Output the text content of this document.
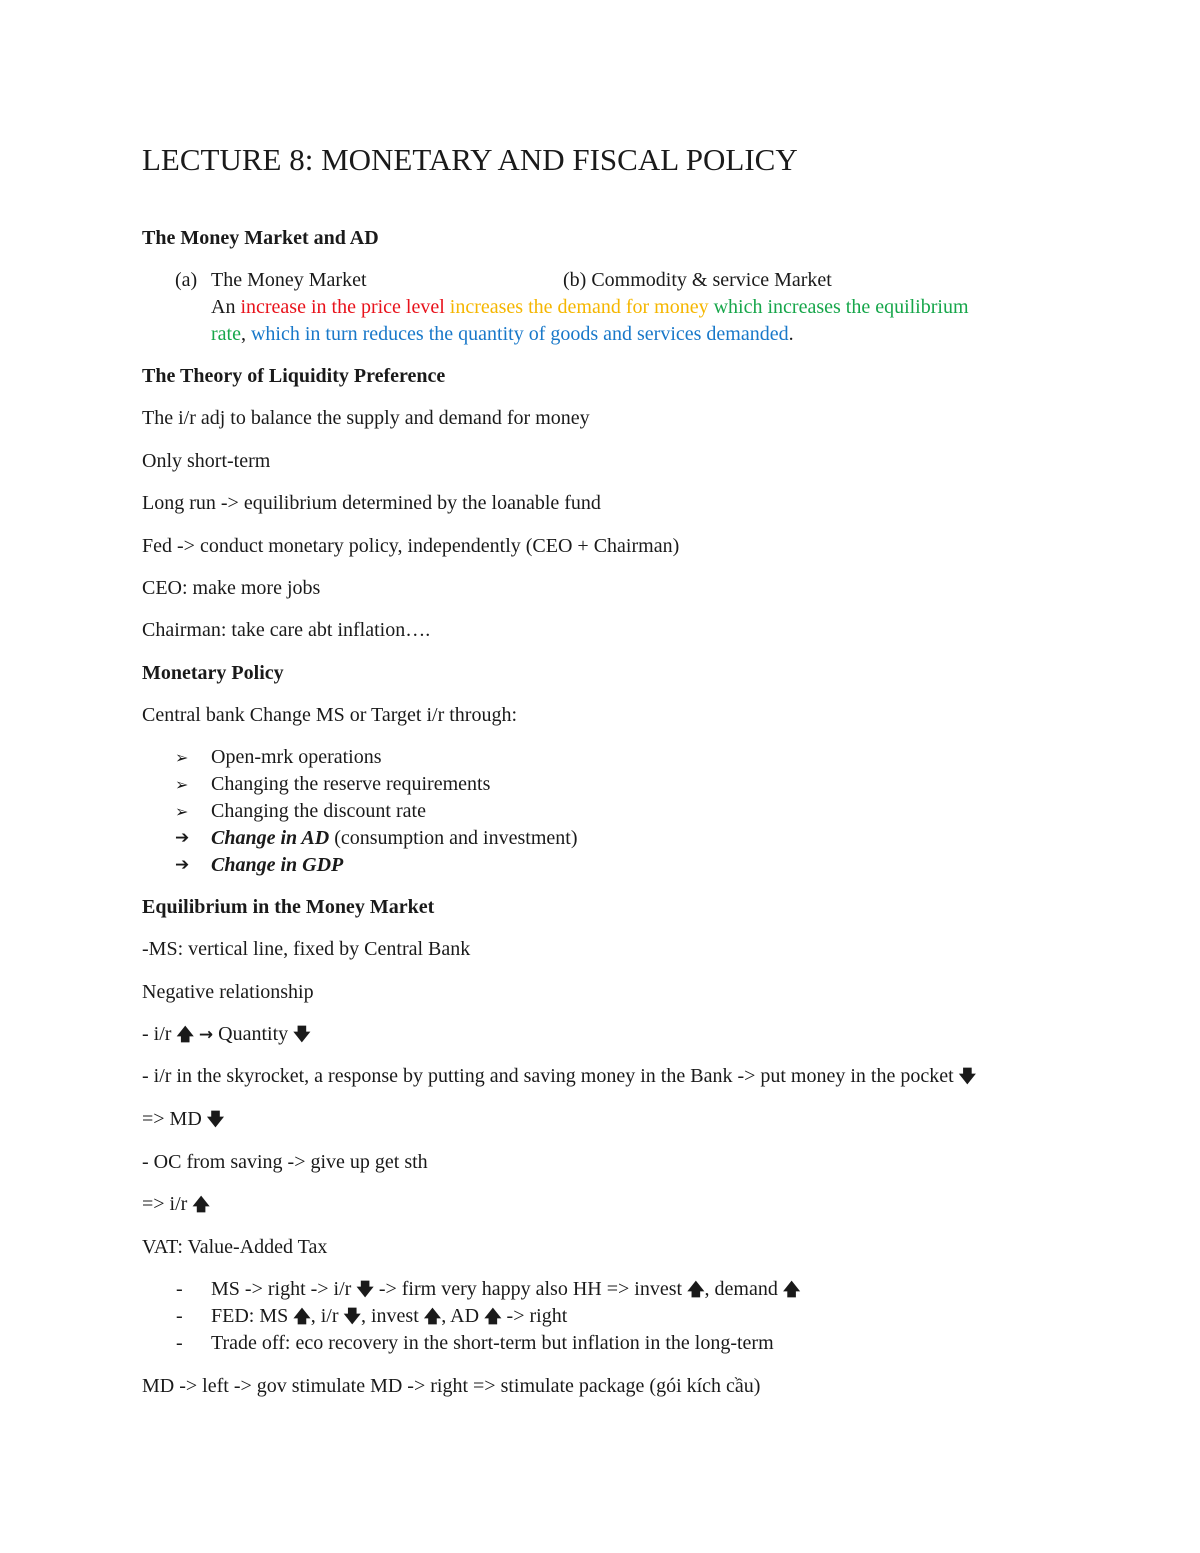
LECTURE 8: MONETARY AND FISCAL POLICY
The Money Market and AD
(a) The Money Market	(b) Commodity & service Market
An increase in the price level increases the demand for money which increases the equilibrium
rate, which in turn reduces the quantity of goods and services demanded.
The Theory of Liquidity Preference
The i/r adj to balance the supply and demand for money
Only short-term
Long run -> equilibrium determined by the loanable fund
Fed -> conduct monetary policy, independently (CEO + Chairman)
CEO: make more jobs
Chairman: take care abt inflation….
Monetary Policy
Central bank Change MS or Target i/r through:
➢ Open-mrk operations
➢ Changing the reserve requirements
➢ Changing the discount rate
➔ Change in AD (consumption and investment)
➔ Change in GDP
Equilibrium in the Money Market
-MS: vertical line, fixed by Central Bank
Negative relationship
- i/r 🡅 → Quantity 🡇
- i/r in the skyrocket, a response by putting and saving money in the Bank -> put money in the pocket 🡇
=> MD 🡇
- OC from saving -> give up get sth
=> i/r 🡅
VAT: Value-Added Tax
- MS -> right -> i/r 🡇 -> firm very happy also HH => invest 🡅, demand 🡅
- FED: MS 🡅, i/r 🡇, invest 🡅, AD 🡅 -> right
- Trade off: eco recovery in the short-term but inflation in the long-term
MD -> left -> gov stimulate MD -> right => stimulate package (gói kích cầu)
